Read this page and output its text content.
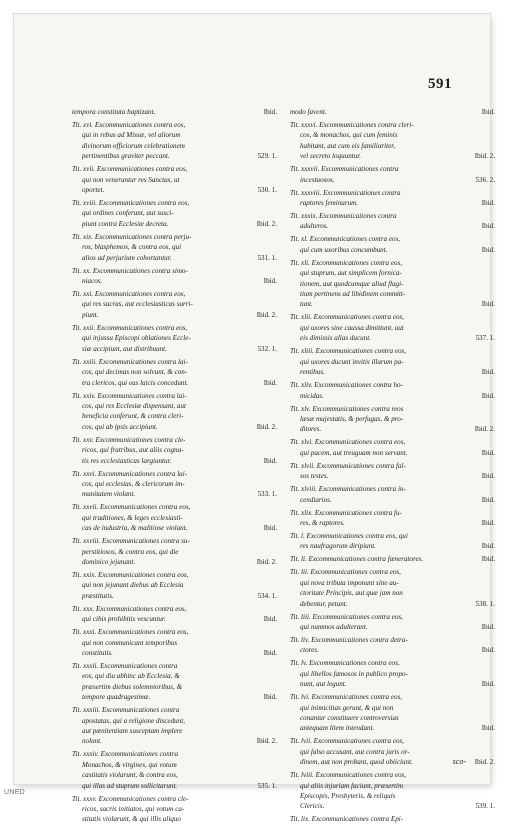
591
tempora constituta baptizant.	Ibid.
Tit. xvi. Excommunicationes contra eos,
qui in rebus ad Missæ, vel aliorum
divinorum officiorum celebrationem
pertinentibus graviter peccant.	529. 1.
Tit. xvii. Excommunicationes contra eos,
qui non venerantur res Sanctas, ut
oportet.	530. 1.
Tit. xviii. Excommunicationes contra eos,
qui ordines conferunt, aut susci-
piunt contra Ecclesiæ decreta.	Ibid. 2.
Tit. xix. Excommunicationes contra perju-
ros, blasphemos, & contra eos, qui
alios ad perjurium cohortantur.	531. 1.
Tit. xx. Excommunicationes contra simo-
niacos.	Ibid.
Tit. xxi. Excommunicationes contra eos,
qui res sacras, aut ecclesiasticas surri-
piunt.	Ibid. 2.
Tit. xxii. Excommunicationes contra eos,
qui injussu Episcopi oblationes Eccle-
siæ accipiunt, aut distribuunt.	532. 1.
Tit. xxiii. Excommunicationes contra lai-
cos, qui decimas non solvunt, & con-
tra clericos, qui eas laicis concedunt.	Ibid.
Tit. xxiv. Excommunicationes contra lai-
cos, qui res Ecclesiæ dispensant, aut
beneficia conferunt, & contra cleri-
cos, qui ab ipsis accipiunt.	Ibid. 2.
Tit. xxv. Excommunicationes contra cle-
ricos, qui fratribus, aut aliis cogna-
tis res ecclesiasticas largiuntur.	Ibid.
Tit. xxvi. Excommunicationes contra lai-
cos, qui ecclesias, & clericorum im-
munitatem violant.	533. 1.
Tit. xxvii. Excommunicationes contra eos,
qui traditiones, & leges ecclesiasti-
cas de industria, & malitiose violant.	Ibid.
Tit. xxviii. Excommunicationes contra su-
perstitiosos, & contra eos, qui die
dominico jejunant.	Ibid. 2.
Tit. xxix. Excommunicationes contra eos,
qui non jejunant diebus ab Ecclesia
præstitutis.	534. 1.
Tit. xxx. Excommunicationes contra eos,
qui cibis prohibitis vescuntur.	Ibid.
Tit. xxxi. Excommunicationes contra eos,
qui non communicant temporibus
constitutis.	Ibid.
Tit. xxxii. Excommunicationes contra
eos, qui diu abhinc ab Ecclesia, &
præsertim diebus solemnioribus, &
tempore quadragesimæ.	Ibid.
Tit. xxxiii. Excommunicationes contra
apostatas, qui a religione discedunt,
aut pœnitentiam susceptam implere
nolunt.	Ibid. 2.
Tit. xxxiv. Excommunicationes contra
Monachos, & virgines, qui votum
castitatis violarunt, & contra eos,
qui illas ad stuprum sollicitarunt.	535. 1.
Tit. xxxv. Excommunicationes contra cle-
ricos, sacris initiatos, qui votum ca-
stitatis violarunt, & qui illis aliquo
modo favent.	Ibid.
Tit. xxxvi. Excommunicationes contra cleri-
cos, & monachos, qui cum feminis
habitant, aut cum eis familiariter,
vel secreto loquuntur.	Ibid. 2.
Tit. xxxvii. Excommunicationes contra
incestuosos.	536. 2.
Tit. xxxviii. Excommunicationes contra
raptores feminarum.	Ibid.
Tit. xxxix. Excommunicationes contra
adulteros.	Ibid.
Tit. xl. Excommunicationes contra eos,
qui cum uxoribus concumbunt.	Ibid.
Tit. xli. Excommunicationes contra eos,
qui stuprum, aut simplicem fornica-
tionem, aut quodcumque aliud flagi-
tium pertinens ad libidinem committ-
tunt.	Ibid.
Tit. xlii. Excommunicationes contra eos,
qui uxores sine caussa dimittunt, aut
eis dimissis alias ducunt.	537. 1.
Tit. xliii. Excommunicationes contra eos,
qui uxores ducunt invitis illarum pa-
rentibus.	Ibid.
Tit. xliv. Excommunicationes contra ho-
micidas.	Ibid.
Tit. xlv. Excommunicationes contra reos
læsæ majestatis, & perfugas, & pro-
ditores.	Ibid. 2.
Tit. xlvi. Excommunicationes contra eos,
qui pacem, aut treuguam non servant.	Ibid.
Tit. xlvii. Excommunicationes contra fal-
sos testes.	Ibid.
Tit. xlviii. Excommunicationes contra in-
cendiarios.	Ibid.
Tit. xlix. Excommunicationes contra fu-
res, & raptores.	Ibid.
Tit. l. Excommunicationes contra eos, qui
res naufragorum diripiunt.	Ibid.
Tit. li. Excommunicationes contra fæneratores.	Ibid.
Tit. lii. Excommunicationes contra eos,
qui nova tributa imponunt sine au-
ctoritate Principis, aut quæ jam non
debentur, petunt.	538. 1.
Tit. liii. Excommunicationes contra eos,
qui nummos adulterant.	Ibid.
Tit. liv. Excommunicationes contra detra-
ctores.	Ibid.
Tit. lv. Excommunicationes contra eos,
qui libellos famosos in publico propo-
nunt, aut legunt.	Ibid.
Tit. lvi. Excommunicationes contra eos,
qui inimicitias gerunt, & qui non
conantur constituere controversias
antequam litem intendant.	Ibid.
Tit. lvii. Excommunicationes contra eos,
qui falso accusant, aut contra juris or-
dinem, aut non probant, quod obiiciunt.	Ibid. 2.
Tit. lviii. Excommunicationes contra eos,
qui aliis injuriam faciunt, præsertim
Episcopis, Presbyteris, & reliquis
Clericis.	539. 1.
Tit. lix. Excommunicationes contra Epi-
sco-
UNED
